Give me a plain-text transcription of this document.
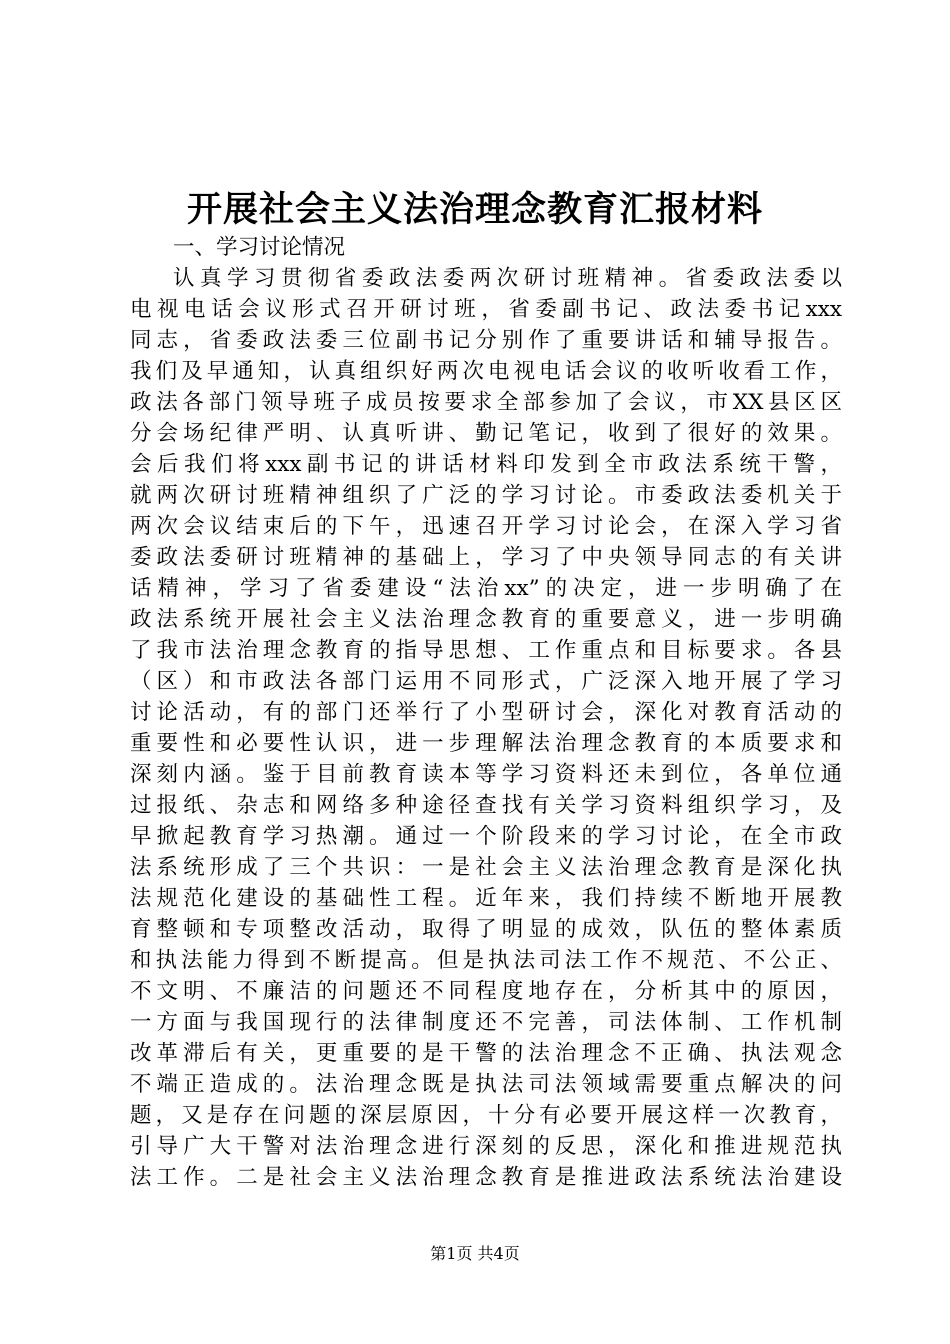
开展社会主义法治理念教育汇报材料
一、学习讨论情况
认真学习贯彻省委政法委两次研讨班精神。省委政法委以
电视电话会议形式召开研讨班，省委副书记、政法委书记xxx
同志，省委政法委三位副书记分别作了重要讲话和辅导报告。
我们及早通知，认真组织好两次电视电话会议的收听收看工作，
政法各部门领导班子成员按要求全部参加了会议，市XX县区区
分会场纪律严明、认真听讲、勤记笔记，收到了很好的效果。
会后我们将xxx副书记的讲话材料印发到全市政法系统干警，
就两次研讨班精神组织了广泛的学习讨论。市委政法委机关于
两次会议结束后的下午，迅速召开学习讨论会，在深入学习省
委政法委研讨班精神的基础上，学习了中央领导同志的有关讲
话精神，学习了省委建设“法治xx”的决定，进一步明确了在
政法系统开展社会主义法治理念教育的重要意义，进一步明确
了我市法治理念教育的指导思想、工作重点和目标要求。各县
（区）和市政法各部门运用不同形式，广泛深入地开展了学习
讨论活动，有的部门还举行了小型研讨会，深化对教育活动的
重要性和必要性认识，进一步理解法治理念教育的本质要求和
深刻内涵。鉴于目前教育读本等学习资料还未到位，各单位通
过报纸、杂志和网络多种途径查找有关学习资料组织学习，及
早掀起教育学习热潮。通过一个阶段来的学习讨论，在全市政
法系统形成了三个共识：一是社会主义法治理念教育是深化执
法规范化建设的基础性工程。近年来，我们持续不断地开展教
育整顿和专项整改活动，取得了明显的成效，队伍的整体素质
和执法能力得到不断提高。但是执法司法工作不规范、不公正、
不文明、不廉洁的问题还不同程度地存在，分析其中的原因，
一方面与我国现行的法律制度还不完善，司法体制、工作机制
改革滞后有关，更重要的是干警的法治理念不正确、执法观念
不端正造成的。法治理念既是执法司法领域需要重点解决的问
题，又是存在问题的深层原因，十分有必要开展这样一次教育，
引导广大干警对法治理念进行深刻的反思，深化和推进规范执
法工作。二是社会主义法治理念教育是推进政法系统法治建设
第1页 共4页
